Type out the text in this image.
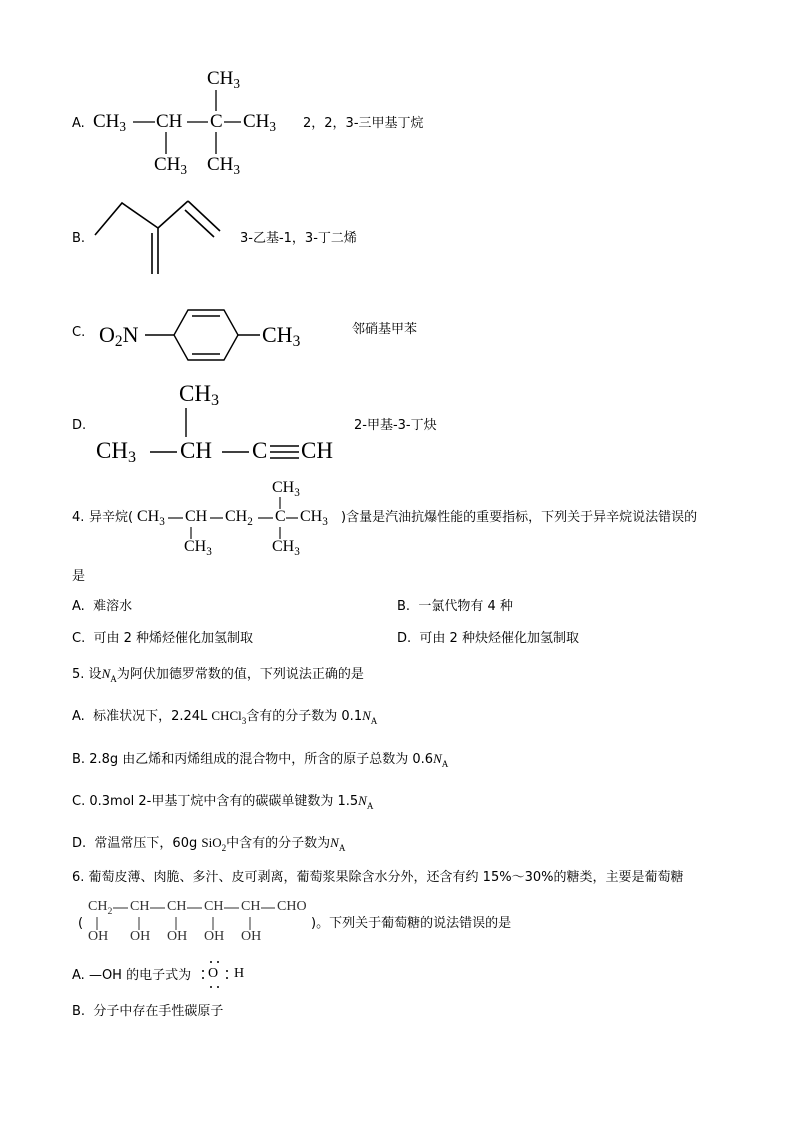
A.
$CH_3$
$CH_3$ CH C $CH_3$
$CH_3$ $CH_3$
2，2，3-三甲基丁烷
B.	3-乙基-1，3-丁二烯
C. $O_2N$	$CH_3$
邻硝基甲苯
D.
$CH_3$
$CH_3$ CH C CH
2-甲基-3-丁炔
4. 异辛烷( $CH_3$ CH $CH_2$ C $CH_3$
$CH_3$
$CH_3$	$CH_3$
)含量是汽油抗爆性能的重要指标，下列关于异辛烷说法错误的
是
A. 难溶水	B. 一氯代物有 4 种
C. 可由 2 种烯烃催化加氢制取	D. 可由 2 种炔烃催化加氢制取
5. 设$N_A$为阿伏加德罗常数的值，下列说法正确的是
A. 标准状况下，2.24L CHCl$_3$含有的分子数为 $0.1N_A$
B. 2.8g 由乙烯和丙烯组成的混合物中，所含的原子总数为 $0.6N_A$
C. 0.3mol 2-甲基丁烷中含有的碳碳单键数为 $1.5N_A$
D. 常温常压下，60g SiO$_2$中含有的分子数为$N_A$
6. 葡萄皮薄、肉脆、多汁、皮可剥离，葡萄浆果除含水分外，还含有约 15%～30%的糖类，主要是葡萄糖
(
$CH_2$ CH CH CH CH CHO
OH OH OH OH OH
)。下列关于葡萄糖的说法错误的是
A. —OH 的电子式为 O H
B. 分子中存在手性碳原子
